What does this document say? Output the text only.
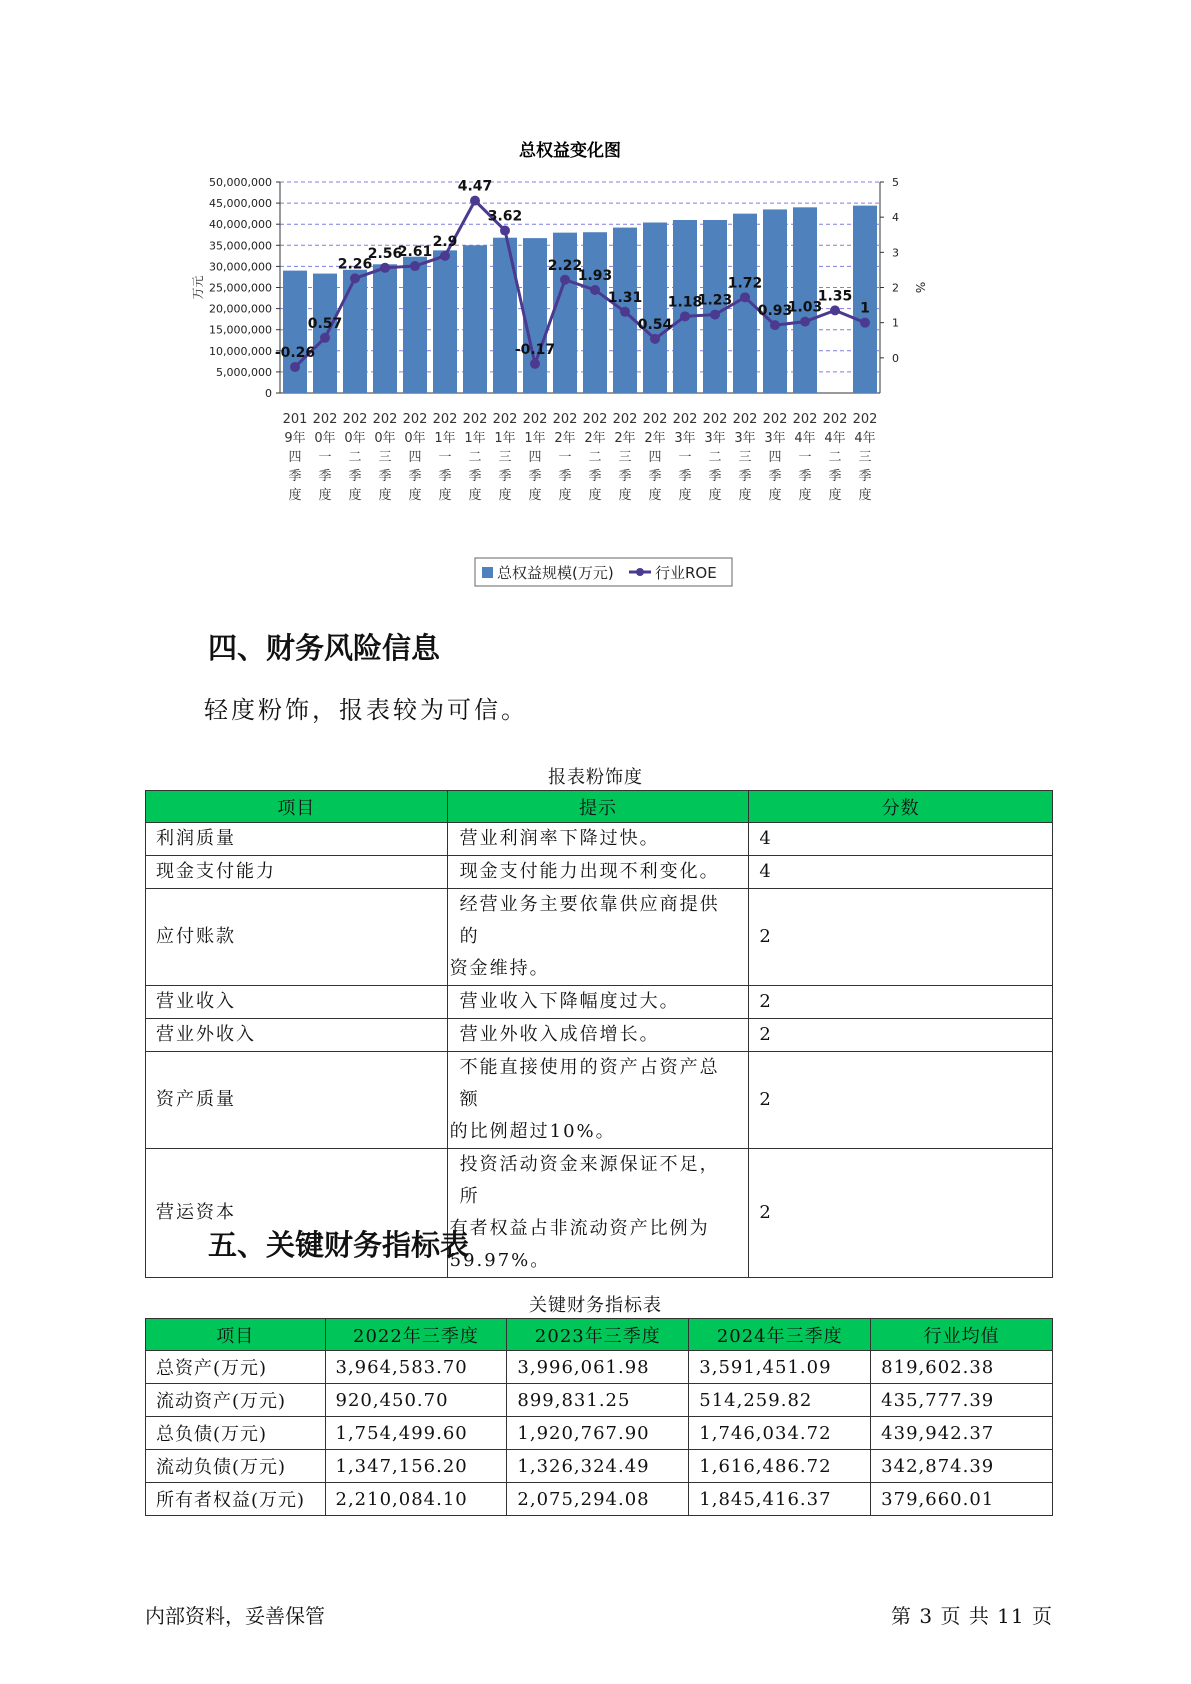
总权益变化图
0
5,000,000
10,000,000
15,000,000
20,000,000
25,000,000
30,000,000
35,000,000
40,000,000
45,000,000
50,000,000
0
1
2
3
4
5
万元	%
-0.26
0.57
2.26
2.56
2.61
2.9
4.47
3.62
-0.17
2.22
1.93
1.31
0.54
1.18
1.23
1.72
0.93
1.03
1.35
1
201
9年
四
季
度
202
0年
一
季
度
202
0年
二
季
度
202
0年
三
季
度
202
0年
四
季
度
202
1年
一
季
度
202
1年
二
季
度
202
1年
三
季
度
202
1年
四
季
度
202
2年
一
季
度
202
2年
二
季
度
202
2年
三
季
度
202
2年
四
季
度
202
3年
一
季
度
202
3年
二
季
度
202
3年
三
季
度
202
3年
四
季
度
202
4年
一
季
度
202
4年
二
季
度
202
4年
三
季
度
总权益规模(万元)	行业ROE
四、财务风险信息

轻度粉饰，报表较为可信。

报表粉饰度
项目	提示	分数
利润质量	营业利润率下降过快。	4
现金支付能力	现金支付能力出现不利变化。	4
应付账款	经营业务主要依靠供应商提供的
资金维持。	2
营业收入	营业收入下降幅度过大。	2
营业外收入	营业外收入成倍增长。	2
资产质量	不能直接使用的资产占资产总额
的比例超过10%。	2
营运资本	投资活动资金来源保证不足，所
有者权益占非流动资产比例为
59.97%。	2
五、关键财务指标表
关键财务指标表
项目	2022年三季度	2023年三季度	2024年三季度	行业均值
总资产(万元)	3,964,583.70	3,996,061.98	3,591,451.09	819,602.38
流动资产(万元)	920,450.70	899,831.25	514,259.82	435,777.39
总负债(万元)	1,754,499.60	1,920,767.90	1,746,034.72	439,942.37
流动负债(万元)	1,347,156.20	1,326,324.49	1,616,486.72	342,874.39
所有者权益(万元)	2,210,084.10	2,075,294.08	1,845,416.37	379,660.01
内部资料，妥善保管	第 3 页 共 11 页
